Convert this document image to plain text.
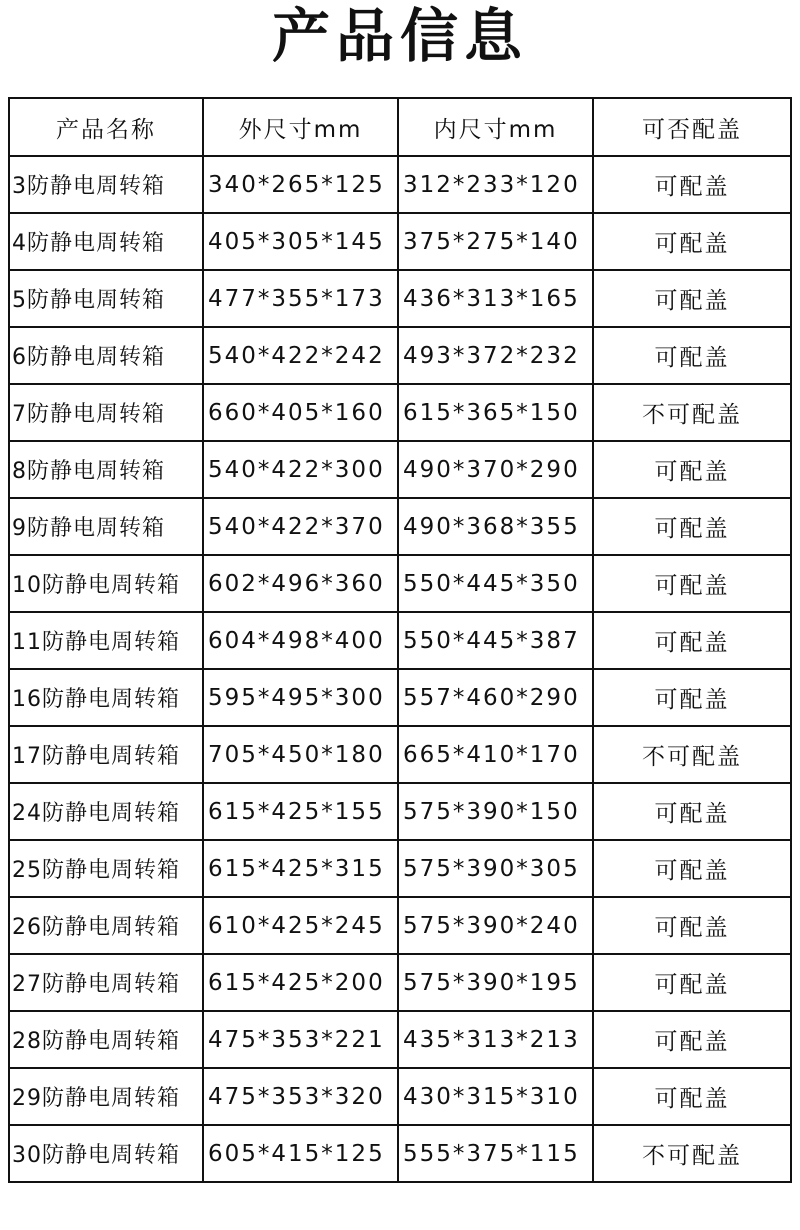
产品信息
产品名称	外尺寸mm	内尺寸mm	可否配盖
3防静电周转箱	340*265*125	312*233*120	可配盖
4防静电周转箱	405*305*145	375*275*140	可配盖
5防静电周转箱	477*355*173	436*313*165	可配盖
6防静电周转箱	540*422*242	493*372*232	可配盖
7防静电周转箱	660*405*160	615*365*150	不可配盖
8防静电周转箱	540*422*300	490*370*290	可配盖
9防静电周转箱	540*422*370	490*368*355	可配盖
10防静电周转箱	602*496*360	550*445*350	可配盖
11防静电周转箱	604*498*400	550*445*387	可配盖
16防静电周转箱	595*495*300	557*460*290	可配盖
17防静电周转箱	705*450*180	665*410*170	不可配盖
24防静电周转箱	615*425*155	575*390*150	可配盖
25防静电周转箱	615*425*315	575*390*305	可配盖
26防静电周转箱	610*425*245	575*390*240	可配盖
27防静电周转箱	615*425*200	575*390*195	可配盖
28防静电周转箱	475*353*221	435*313*213	可配盖
29防静电周转箱	475*353*320	430*315*310	可配盖
30防静电周转箱	605*415*125	555*375*115	不可配盖
